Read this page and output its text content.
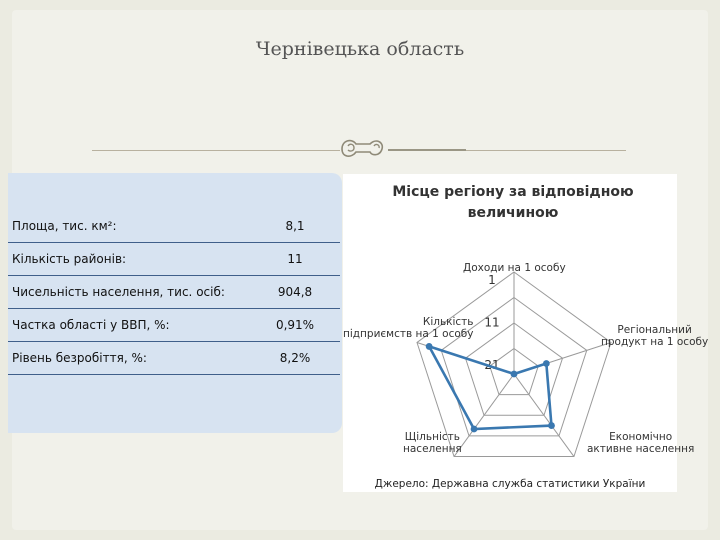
Чернівецька область
Площа, тис. км²:	8,1
Кількість районів:	11
Чисельність населення, тис. осіб:	904,8
Частка області у ВВП, %:	0,91%
Рівень безробіття, %:	8,2%
Місце регіону за відповідною величиною
1
11
21
Джерело: Державна служба статистики України
Доходи на 1 особу
Регіональний
продукт на 1 особу
Економічно
активне населення
Щільність
населення
Кількість
підприємств на 1 особу
